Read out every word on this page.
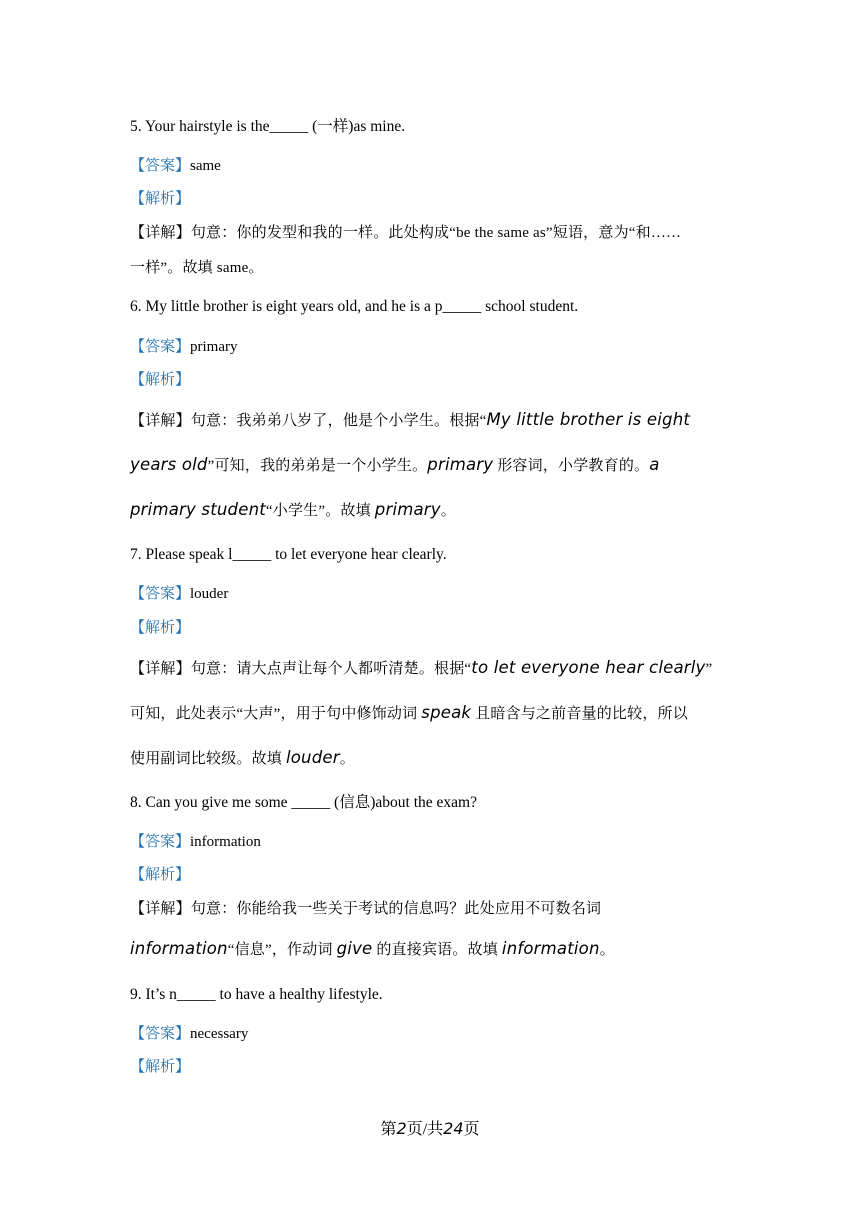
5. Your hairstyle is the_____ (一样)as mine.
【答案】same
【解析】
【详解】句意：你的发型和我的一样。此处构成“be the same as”短语，意为“和……
一样”。故填 same。
6. My little brother is eight years old, and he is a p_____ school student.
【答案】primary
【解析】
【详解】句意：我弟弟八岁了，他是个小学生。根据“My little brother is eight
years old”可知，我的弟弟是一个小学生。primary 形容词，小学教育的。a
primary student“小学生”。故填 primary。
7. Please speak l_____ to let everyone hear clearly.
【答案】louder
【解析】
【详解】句意：请大点声让每个人都听清楚。根据“to let everyone hear clearly”
可知，此处表示“大声”，用于句中修饰动词 speak 且暗含与之前音量的比较，所以
使用副词比较级。故填 louder。
8. Can you give me some _____ (信息)about the exam?
【答案】information
【解析】
【详解】句意：你能给我一些关于考试的信息吗？此处应用不可数名词
information“信息”，作动词 give 的直接宾语。故填 information。
9. It’s n_____ to have a healthy lifestyle.
【答案】necessary
【解析】
第2页/共24页
